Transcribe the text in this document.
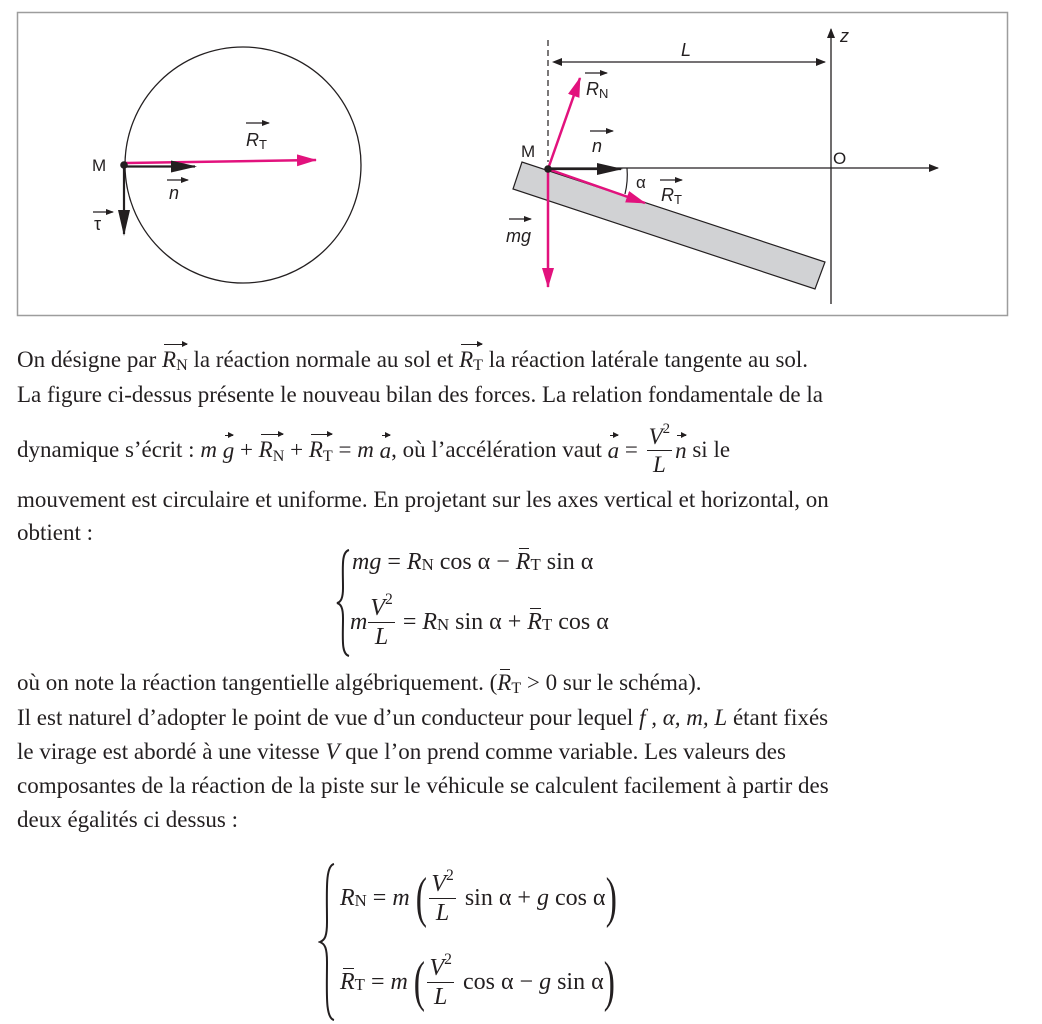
M
RT
n
τ
L
z
O
α
M
RN
n
RT
mg
On désigne par RN la réaction normale au sol et RT la réaction latérale tangente au sol.
La figure ci-dessus présente le nouveau bilan des forces. La relation fondamentale de la
dynamique s’écrit :
m
g + RN + RT = m
a , où l’accélération vaut $a = \frac{V^2}{L}$ n
si le
mouvement est circulaire et uniforme. En projetant sur les axes vertical et horizontal, on
obtient :
mg = R N cos α − R T sin α
m $\frac{V^2}{L} = R$ N sin α + R T cos α
où on note la réaction tangentielle algébriquement. (RT > 0 sur le schéma).
Il est naturel d’adopter le point de vue d’un conducteur pour lequel f , α, m, L étant fixés
le virage est abordé à une vitesse V que l’on prend comme variable. Les valeurs des
composantes de la réaction de la piste sur le véhicule se calculent facilement à partir des
deux égalités ci dessus :
R N = m
( $\frac{V^2}{L}$ sin α + g cos α )
R T = m
( $\frac{V^2}{L}$ cos α − g sin α )
